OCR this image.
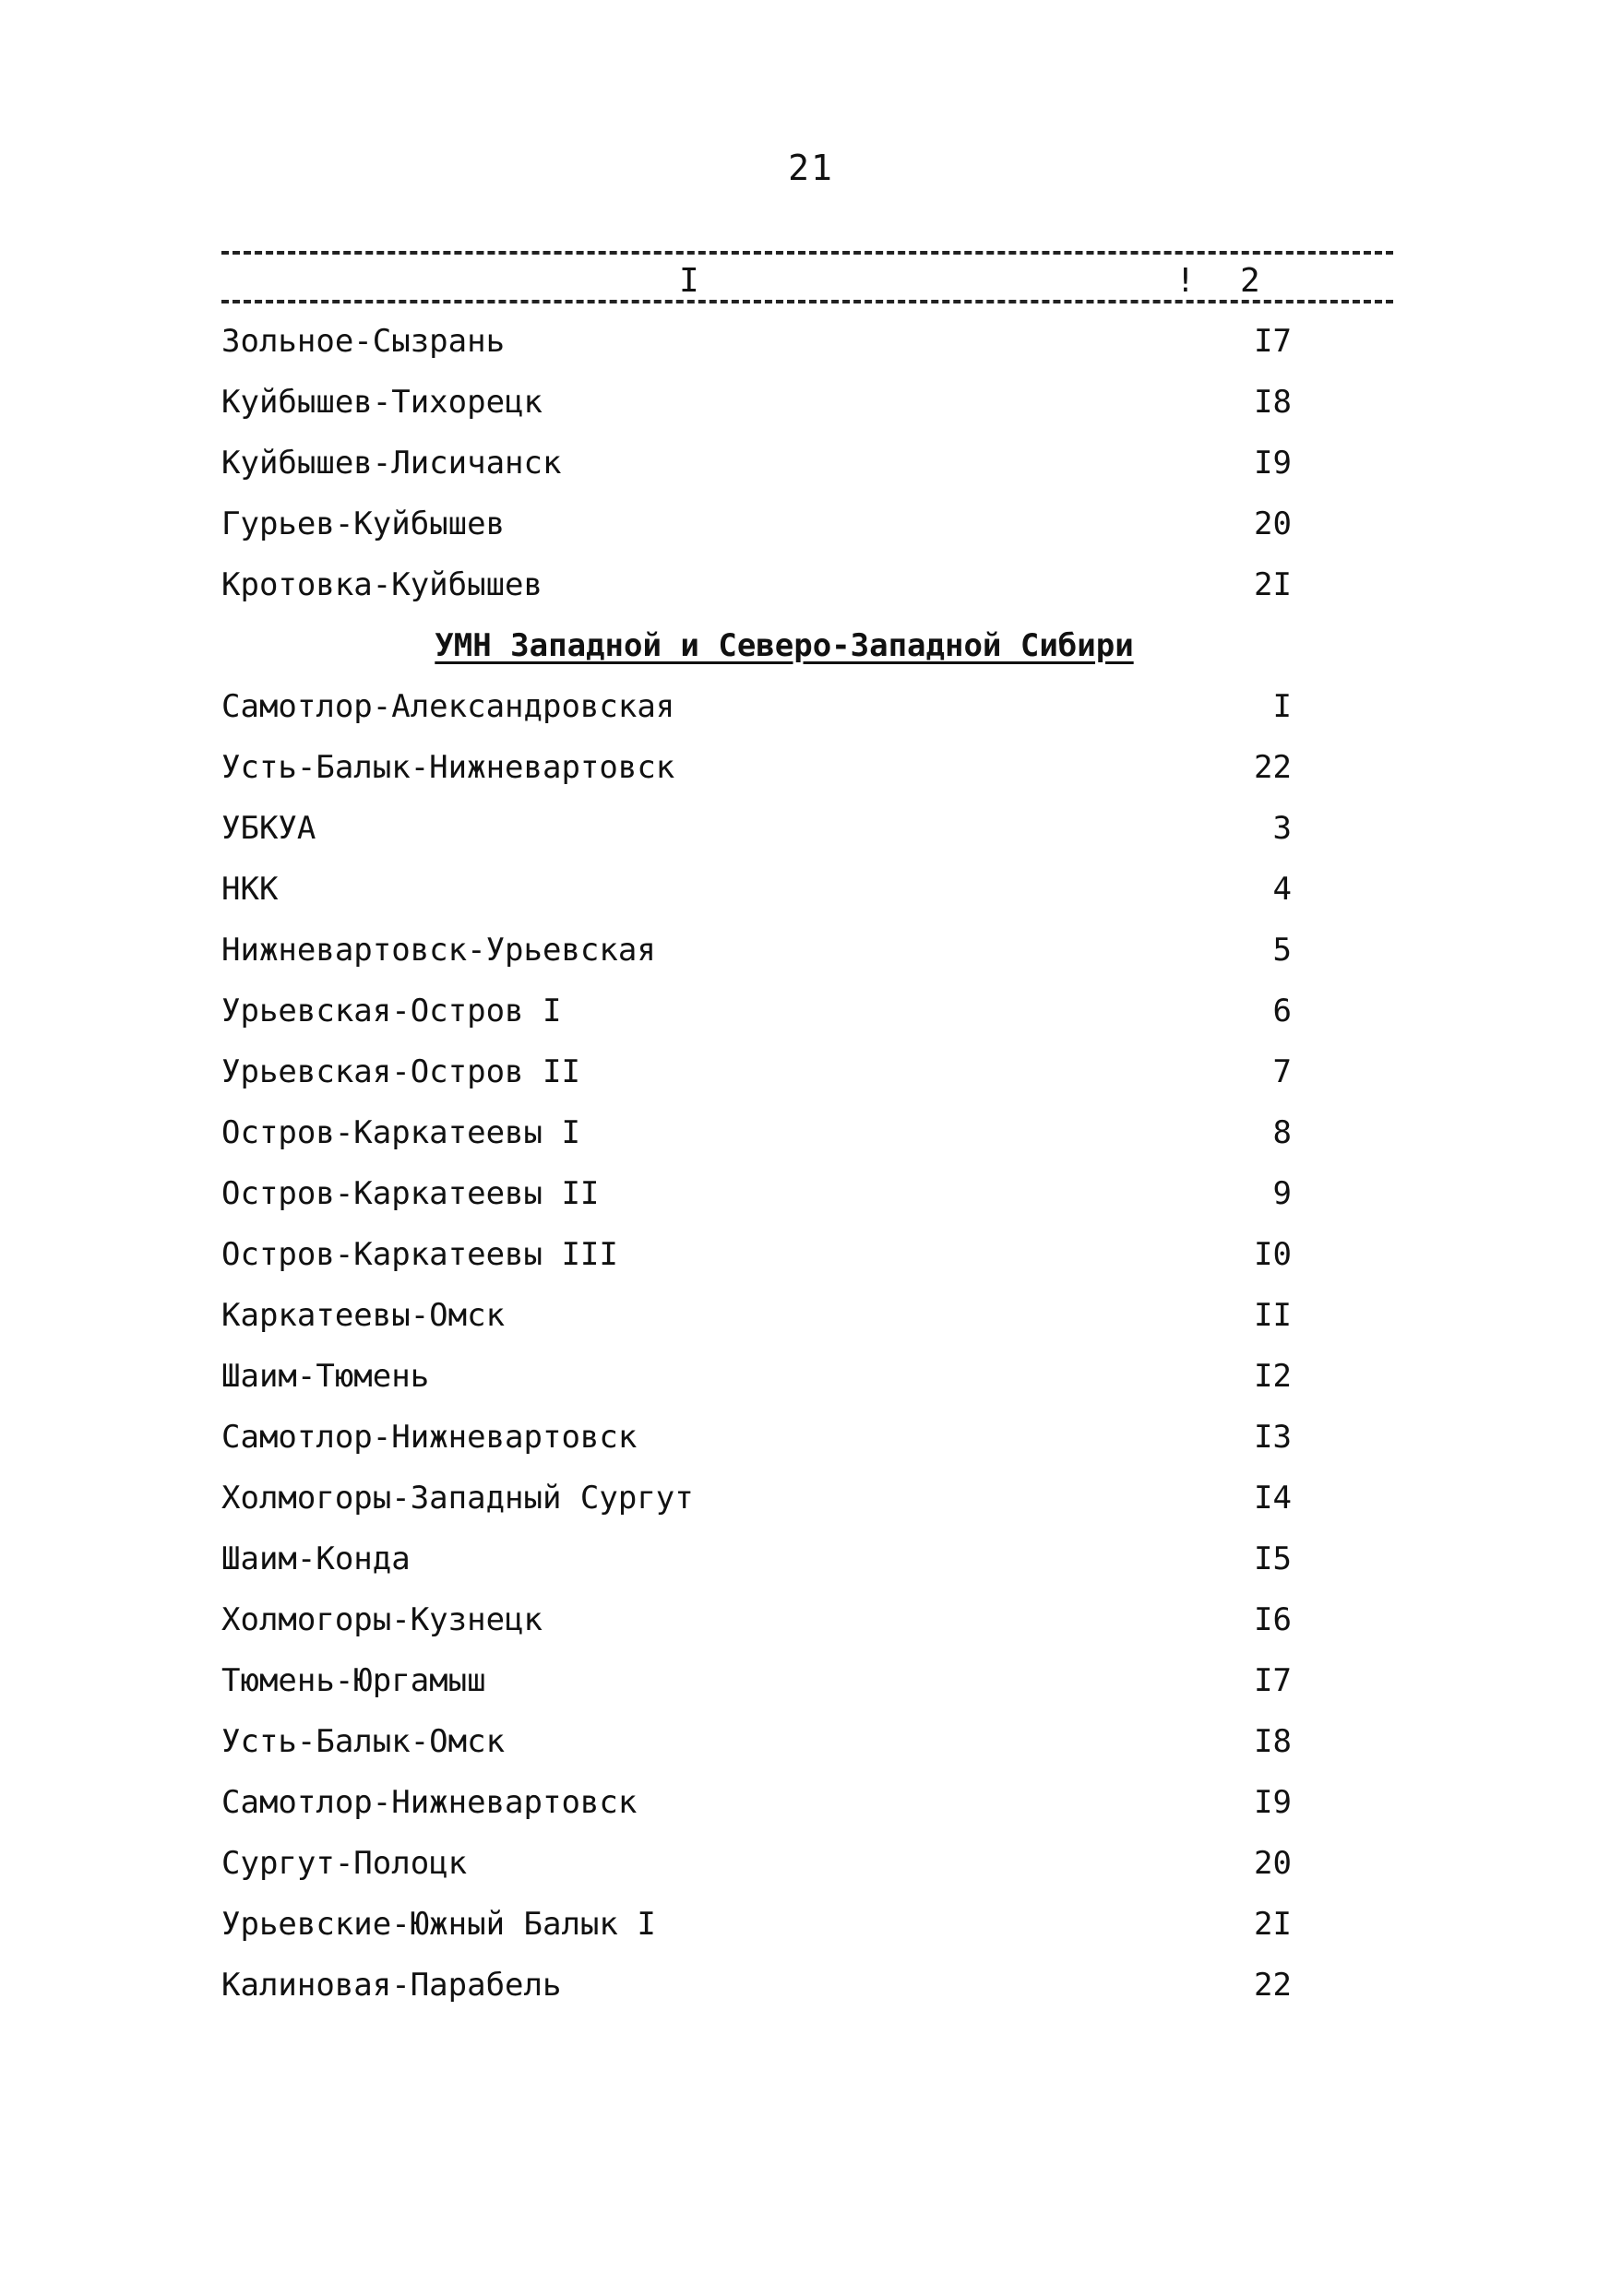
21
I	! 2
Зольное-Сызрань	I7
Куйбышев-Тихорецк	I8
Куйбышев-Лисичанск	I9
Гурьев-Куйбышев	20
Кротовка-Куйбышев	2I
УМН Западной и Северо-Западной Сибири
Самотлор-Александровская	I
Усть-Балык-Нижневартовск	22
УБКУА	3
НКК	4
Нижневартовск-Урьевская	5
Урьевская-Остров I	6
Урьевская-Остров II	7
Остров-Каркатеевы I	8
Остров-Каркатеевы II	9
Остров-Каркатеевы III	I0
Каркатеевы-Омск	II
Шаим-Тюмень	I2
Самотлор-Нижневартовск	I3
Холмогоры-Западный Сургут	I4
Шаим-Конда	I5
Холмогоры-Кузнецк	I6
Тюмень-Юргамыш	I7
Усть-Балык-Омск	I8
Самотлор-Нижневартовск	I9
Сургут-Полоцк	20
Урьевские-Южный Балык I	2I
Калиновая-Парабель	22
